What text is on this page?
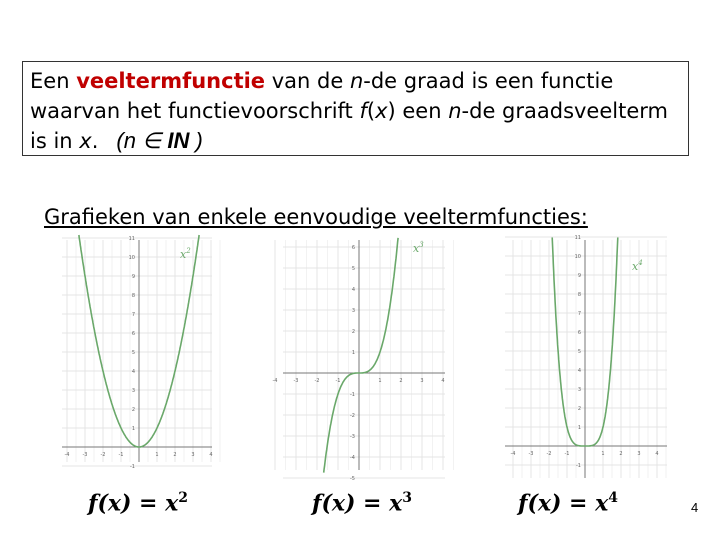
Een veeltermfunctie van de n-de graad is een functie waarvan het functievoorschrift f(x) een n-de graadsveelterm is in x. (n ∈ IN )
Grafieken van enkele eenvoudige veeltermfuncties:
-4	-3	-2	-1	1	2	3	4
-1
1
2
3
4
5
6
7
8
9
10
11
$x^2$
-4	-3	-2	-1	1	2	3	4
-5
-4
-3
-2
-1
1
2
3
4
5
6	$x^3$
-4	-3	-2	-1	1	2	3	4
-1
1
2
3
4
5
6
7
8
9
10
11
$x^4$
$f(x) = x^2$	$f(x) = x^3$	$f(x) = x^4$
4
